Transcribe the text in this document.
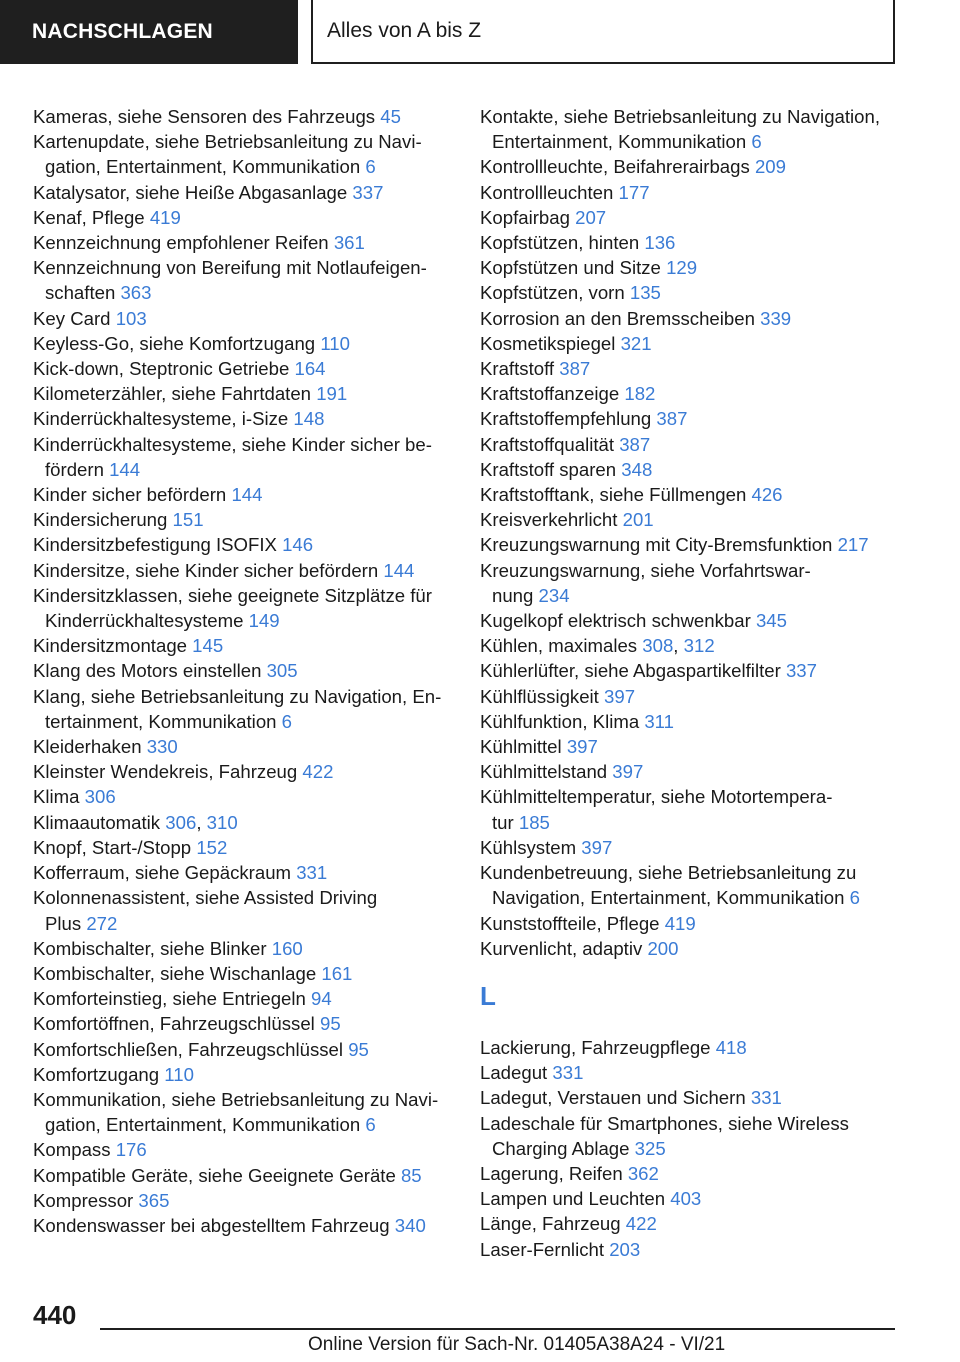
NACHSCHLAGEN	Alles von A bis Z
Kameras, siehe Sensoren des Fahrzeugs 45
Kartenupdate, siehe Betriebsanleitung zu Navi-
gation, Entertainment, Kommunikation 6
Katalysator, siehe Heiße Abgasanlage 337
Kenaf, Pflege 419
Kennzeichnung empfohlener Reifen 361
Kennzeichnung von Bereifung mit Notlaufeigen-
schaften 363
Key Card 103
Keyless-Go, siehe Komfortzugang 110
Kick-down, Steptronic Getriebe 164
Kilometerzähler, siehe Fahrtdaten 191
Kinderrückhaltesysteme, i-Size 148
Kinderrückhaltesysteme, siehe Kinder sicher be-
fördern 144
Kinder sicher befördern 144
Kindersicherung 151
Kindersitzbefestigung ISOFIX 146
Kindersitze, siehe Kinder sicher befördern 144
Kindersitzklassen, siehe geeignete Sitzplätze für
Kinderrückhaltesysteme 149
Kindersitzmontage 145
Klang des Motors einstellen 305
Klang, siehe Betriebsanleitung zu Navigation, En-
tertainment, Kommunikation 6
Kleiderhaken 330
Kleinster Wendekreis, Fahrzeug 422
Klima 306
Klimaautomatik 306, 310
Knopf, Start-/Stopp 152
Kofferraum, siehe Gepäckraum 331
Kolonnenassistent, siehe Assisted Driving
Plus 272
Kombischalter, siehe Blinker 160
Kombischalter, siehe Wischanlage 161
Komforteinstieg, siehe Entriegeln 94
Komfortöffnen, Fahrzeugschlüssel 95
Komfortschließen, Fahrzeugschlüssel 95
Komfortzugang 110
Kommunikation, siehe Betriebsanleitung zu Navi-
gation, Entertainment, Kommunikation 6
Kompass 176
Kompatible Geräte, siehe Geeignete Geräte 85
Kompressor 365
Kondenswasser bei abgestelltem Fahrzeug 340
Kontakte, siehe Betriebsanleitung zu Navigation,
Entertainment, Kommunikation 6
Kontrollleuchte, Beifahrerairbags 209
Kontrollleuchten 177
Kopfairbag 207
Kopfstützen, hinten 136
Kopfstützen und Sitze 129
Kopfstützen, vorn 135
Korrosion an den Bremsscheiben 339
Kosmetikspiegel 321
Kraftstoff 387
Kraftstoffanzeige 182
Kraftstoffempfehlung 387
Kraftstoffqualität 387
Kraftstoff sparen 348
Kraftstofftank, siehe Füllmengen 426
Kreisverkehrlicht 201
Kreuzungswarnung mit City-Bremsfunktion 217
Kreuzungswarnung, siehe Vorfahrtswar-
nung 234
Kugelkopf elektrisch schwenkbar 345
Kühlen, maximales 308, 312
Kühlerlüfter, siehe Abgaspartikelfilter 337
Kühlflüssigkeit 397
Kühlfunktion, Klima 311
Kühlmittel 397
Kühlmittelstand 397
Kühlmitteltemperatur, siehe Motortempera-
tur 185
Kühlsystem 397
Kundenbetreuung, siehe Betriebsanleitung zu
Navigation, Entertainment, Kommunikation 6
Kunststoffteile, Pflege 419
Kurvenlicht, adaptiv 200
L
Lackierung, Fahrzeugpflege 418
Ladegut 331
Ladegut, Verstauen und Sichern 331
Ladeschale für Smartphones, siehe Wireless
Charging Ablage 325
Lagerung, Reifen 362
Lampen und Leuchten 403
Länge, Fahrzeug 422
Laser-Fernlicht 203
440
Online Version für Sach-Nr. 01405A38A24 - VI/21
